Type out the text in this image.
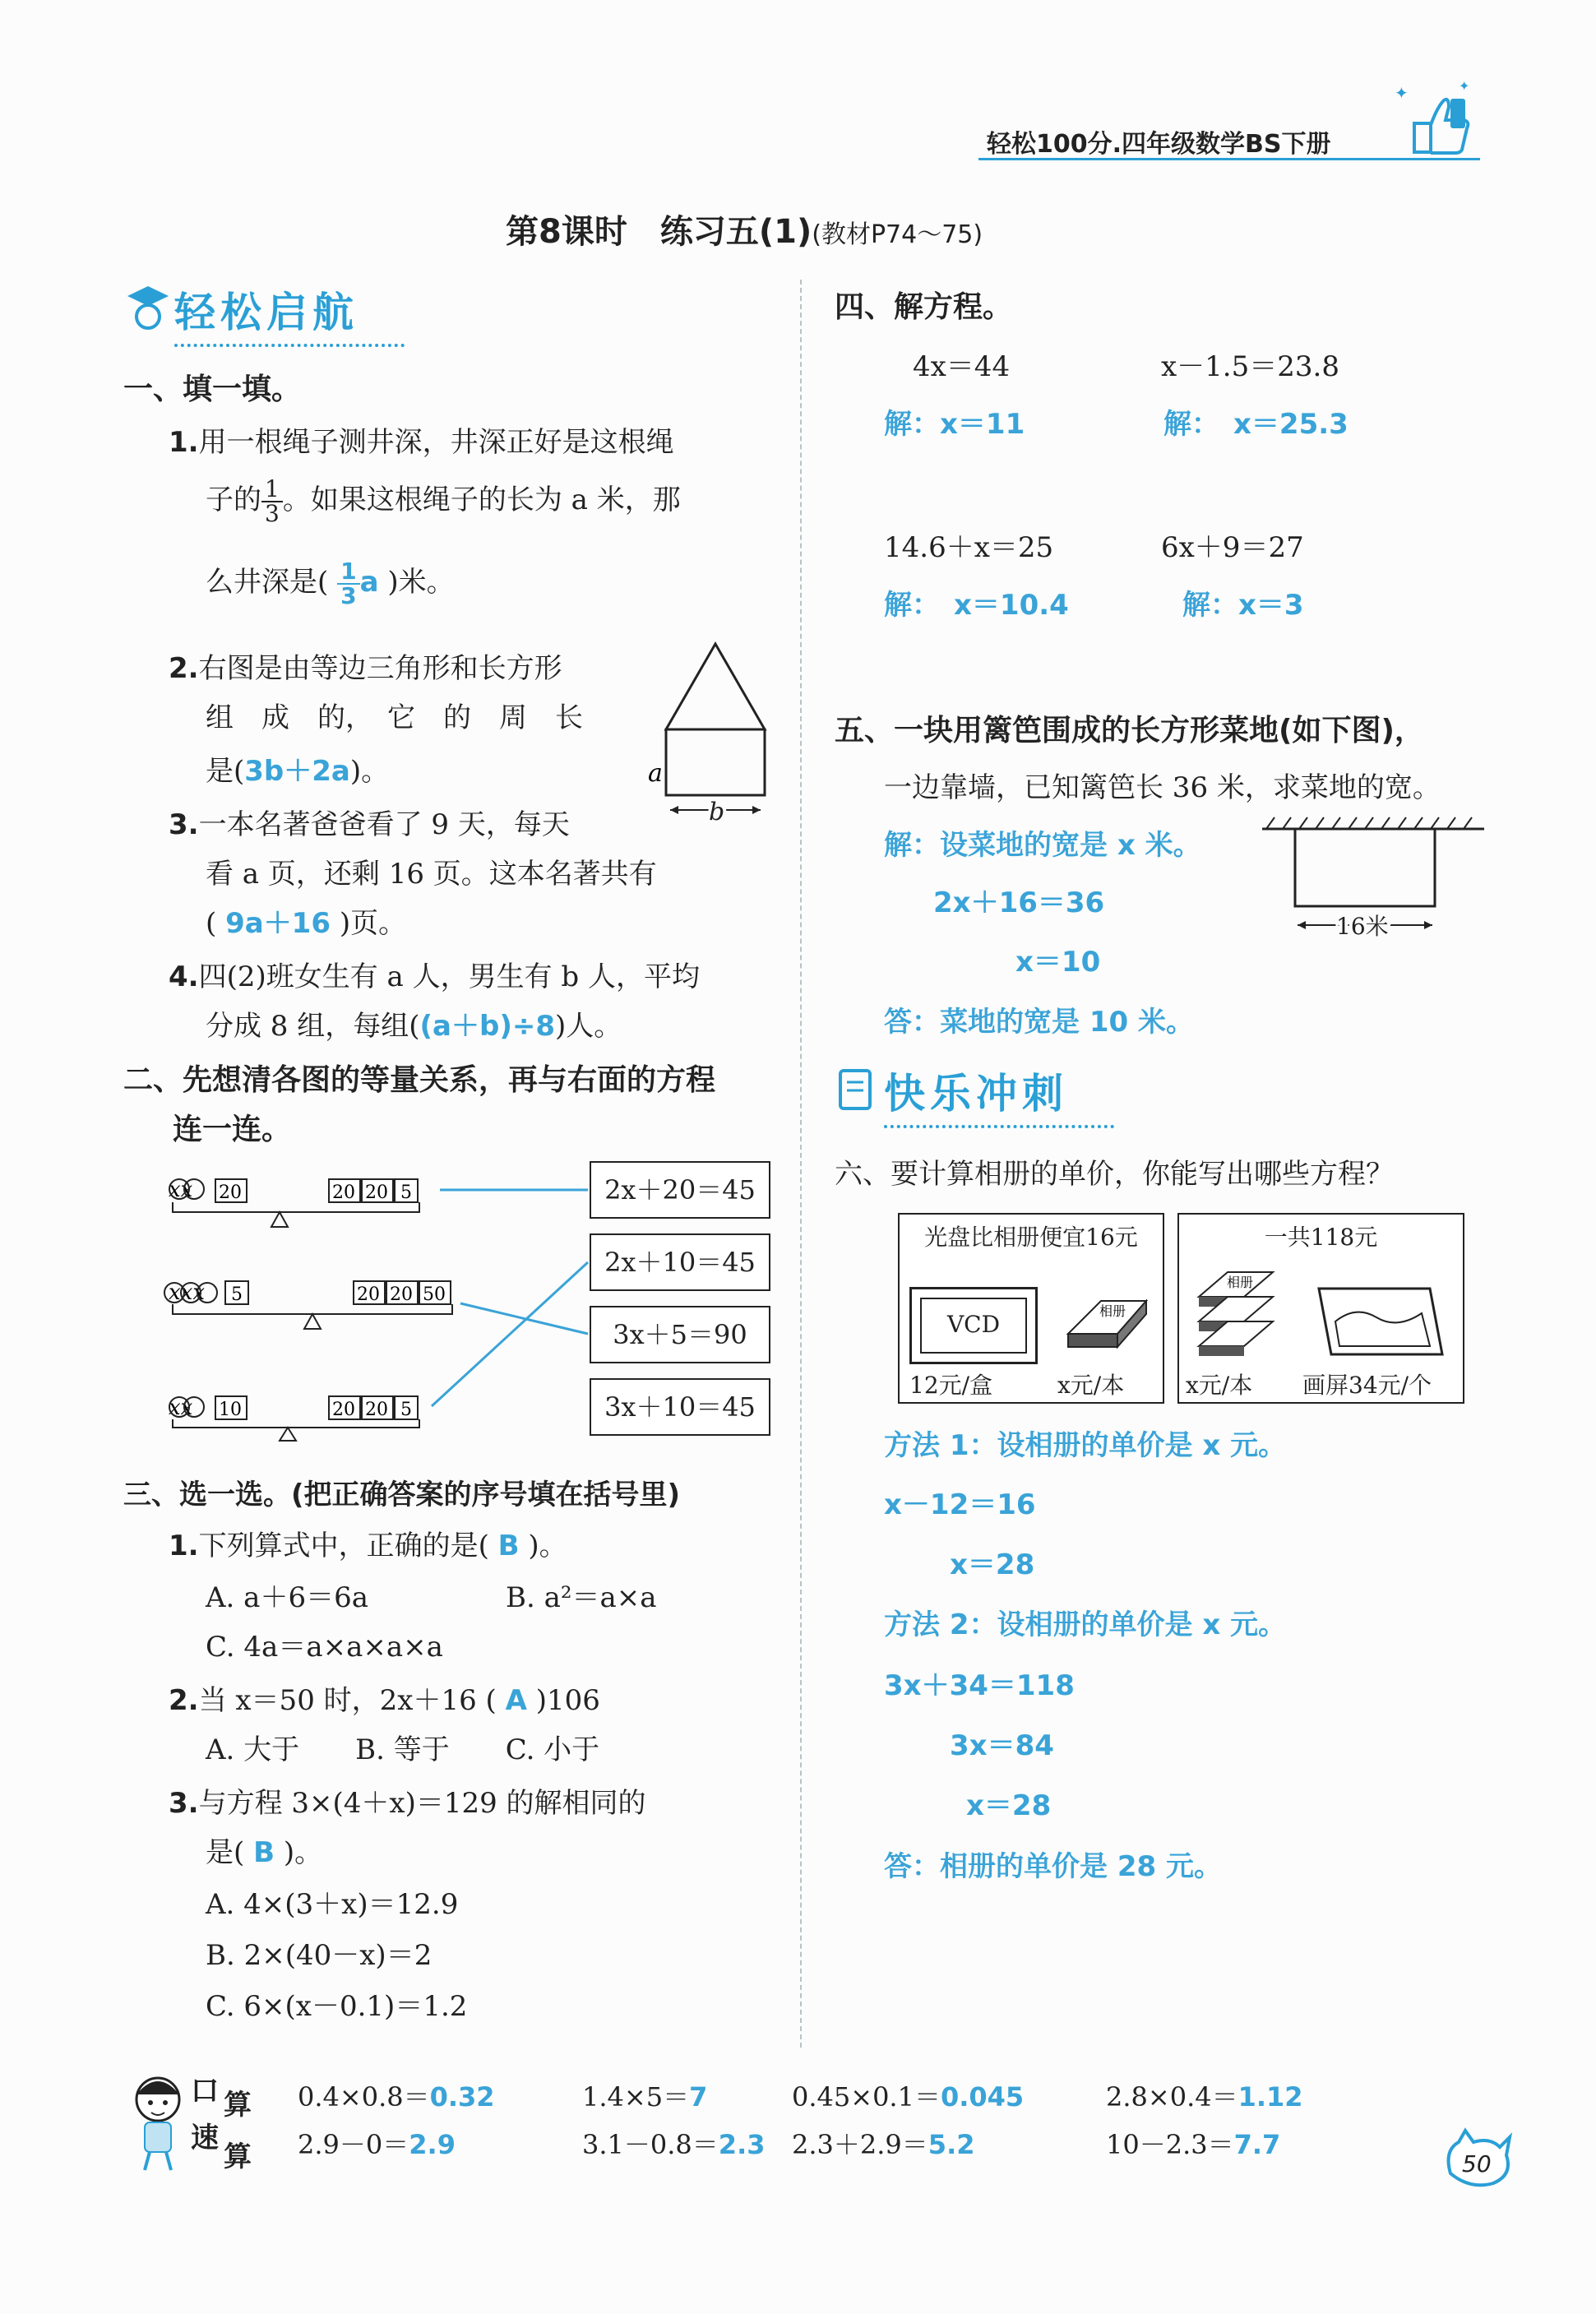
轻松100分.四年级数学BS下册
✦	✦
第8课时　练习五(1)(教材P74～75)
轻松启航
一、填一填。
1.用一根绳子测井深，井深正好是这根绳
子的 $\frac{1}{3}$ 。如果这根绳子的长为 a 米，那
么井深是( $\frac{1}{3}$ a )米。
2.右图是由等边三角形和长方形
组　成　的，　它　的　周　长
是(3b＋2a)。	a
b
3.一本名著爸爸看了 9 天，每天
看 a 页，还剩 16 页。这本名著共有
( 9a＋16 )页。
4.四(2)班女生有 a 人，男生有 b 人，平均
分成 8 组，每组((a＋b)÷8)人。
二、先想清各图的等量关系，再与右面的方程
连一连。
xx 20	20 20 5
xxx 5	20 20 50
xx 10	20 20 5
2x＋20＝45
2x＋10＝45
3x＋5＝90
3x＋10＝45
三、选一选。(把正确答案的序号填在括号里)
1.下列算式中，正确的是( B )。
A. a＋6＝6a	B. a²＝a×a
C. 4a＝a×a×a×a
2.当 x＝50 时，2x＋16 ( A )106
A. 大于　　B. 等于　　C. 小于
3.与方程 3×(4＋x)＝129 的解相同的
是( B )。
A. 4×(3＋x)＝12.9
B. 2×(40－x)＝2
C. 6×(x－0.1)＝1.2
四、解方程。
4x＝44
解：x＝11
x－1.5＝23.8
解：　x＝25.3
14.6＋x＝25
解：　x＝10.4
6x＋9＝27
解：x＝3
五、一块用篱笆围成的长方形菜地(如下图)，
一边靠墙，已知篱笆长 36 米，求菜地的宽。
解：设菜地的宽是 x 米。
2x＋16＝36
x＝10
答：菜地的宽是 10 米。
16米
快乐冲刺
六、要计算相册的单价，你能写出哪些方程？
光盘比相册便宜16元
VCD	相册
12元/盒	x元/本
一共118元
相册
x元/本 画屏34元/个
方法 1：设相册的单价是 x 元。
x－12＝16
x＝28
方法 2：设相册的单价是 x 元。
3x＋34＝118
3x＝84
x＝28
答：相册的单价是 28 元。
口 算
速
算
0.4×0.8＝0.32	1.4×5＝7	0.45×0.1＝0.045	2.8×0.4＝1.12
2.9－0＝2.9	3.1－0.8＝2.3 2.3＋2.9＝5.2	10－2.3＝7.7
50
